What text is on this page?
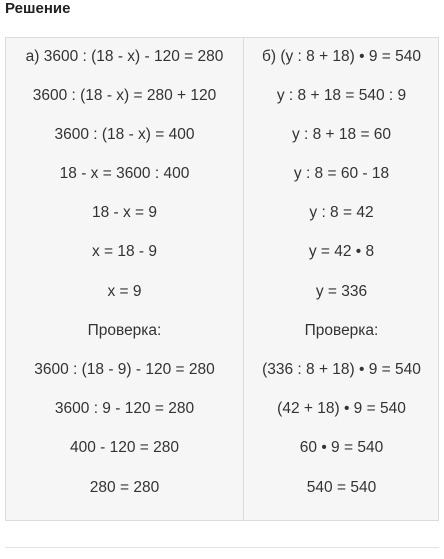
Решение
а) 3600 : (18 - x) - 120 = 280
3600 : (18 - x) = 280 + 120
3600 : (18 - x) = 400
18 - x = 3600 : 400
18 - x = 9
x = 18 - 9
x = 9
Проверка:
3600 : (18 - 9) - 120 = 280
3600 : 9 - 120 = 280
400 - 120 = 280
280 = 280
б) (y : 8 + 18) • 9 = 540
y : 8 + 18 = 540 : 9
y : 8 + 18 = 60
y : 8 = 60 - 18
y : 8 = 42
y = 42 • 8
y = 336
Проверка:
(336 : 8 + 18) • 9 = 540
(42 + 18) • 9 = 540
60 • 9 = 540
540 = 540
